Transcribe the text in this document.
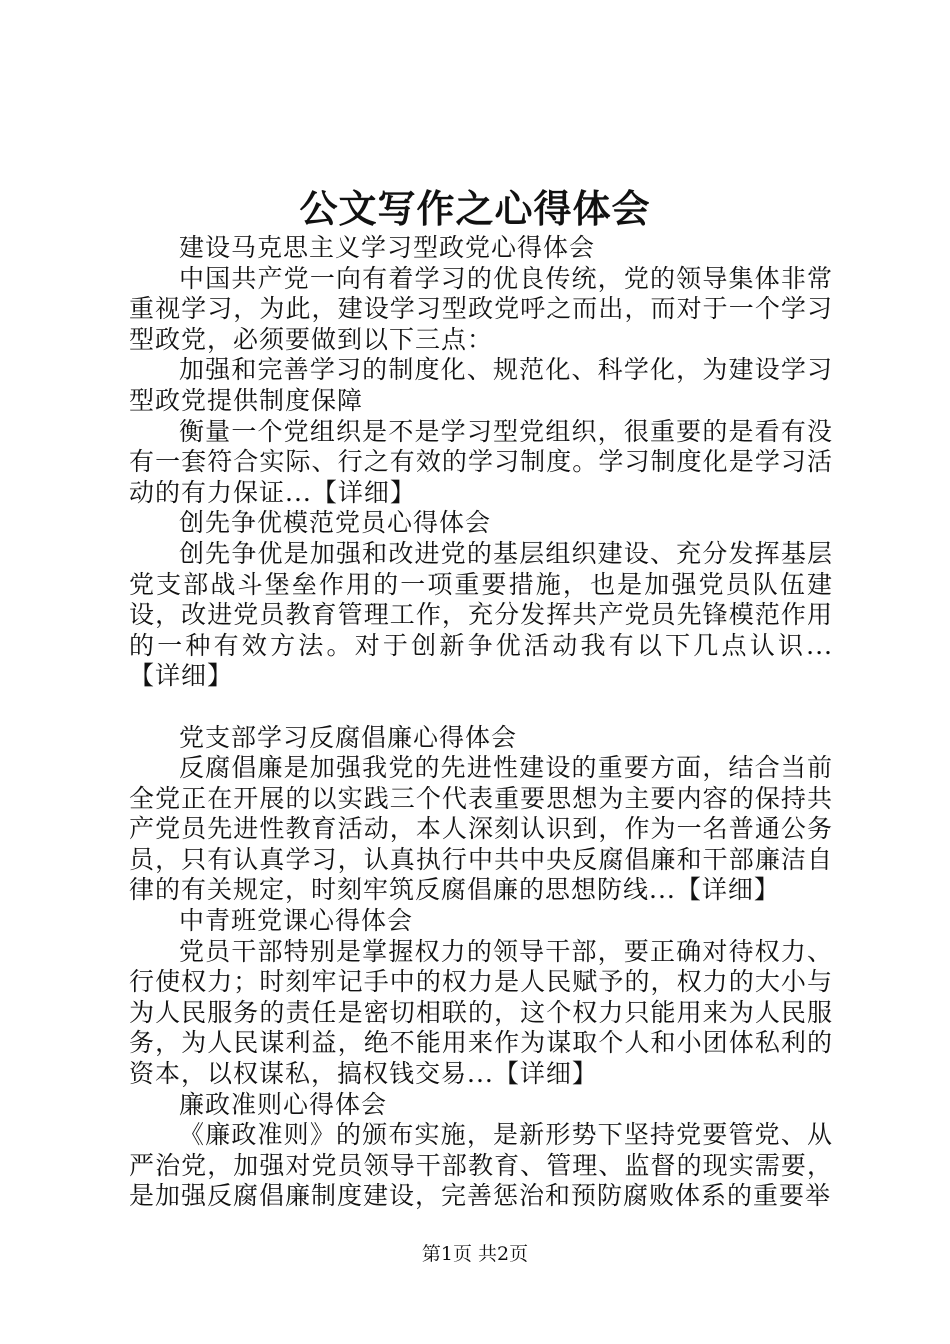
公文写作之心得体会

建设马克思主义学习型政党心得体会

中国共产党一向有着学习的优良传统，党的领导集体非常重视学习，为此，建设学习型政党呼之而出，而对于一个学习型政党，必须要做到以下三点：

加强和完善学习的制度化、规范化、科学化，为建设学习型政党提供制度保障

衡量一个党组织是不是学习型党组织，很重要的是看有没有一套符合实际、行之有效的学习制度。学习制度化是学习活动的有力保证...【详细】

创先争优模范党员心得体会

创先争优是加强和改进党的基层组织建设、充分发挥基层党支部战斗堡垒作用的一项重要措施，也是加强党员队伍建设，改进党员教育管理工作，充分发挥共产党员先锋模范作用的一种有效方法。对于创新争优活动我有以下几点认识...【详细】

党支部学习反腐倡廉心得体会

反腐倡廉是加强我党的先进性建设的重要方面，结合当前全党正在开展的以实践三个代表重要思想为主要内容的保持共产党员先进性教育活动，本人深刻认识到，作为一名普通公务员，只有认真学习，认真执行中共中央反腐倡廉和干部廉洁自律的有关规定，时刻牢筑反腐倡廉的思想防线...【详细】

中青班党课心得体会

党员干部特别是掌握权力的领导干部，要正确对待权力、行使权力；时刻牢记手中的权力是人民赋予的，权力的大小与为人民服务的责任是密切相联的，这个权力只能用来为人民服务，为人民谋利益，绝不能用来作为谋取个人和小团体私利的资本，以权谋私，搞权钱交易...【详细】

廉政准则心得体会

《廉政准则》的颁布实施，是新形势下坚持党要管党、从严治党，加强对党员领导干部教育、管理、监督的现实需要，是加强反腐倡廉制度建设，完善惩治和预防腐败体系的重要举

第1页 共2页
